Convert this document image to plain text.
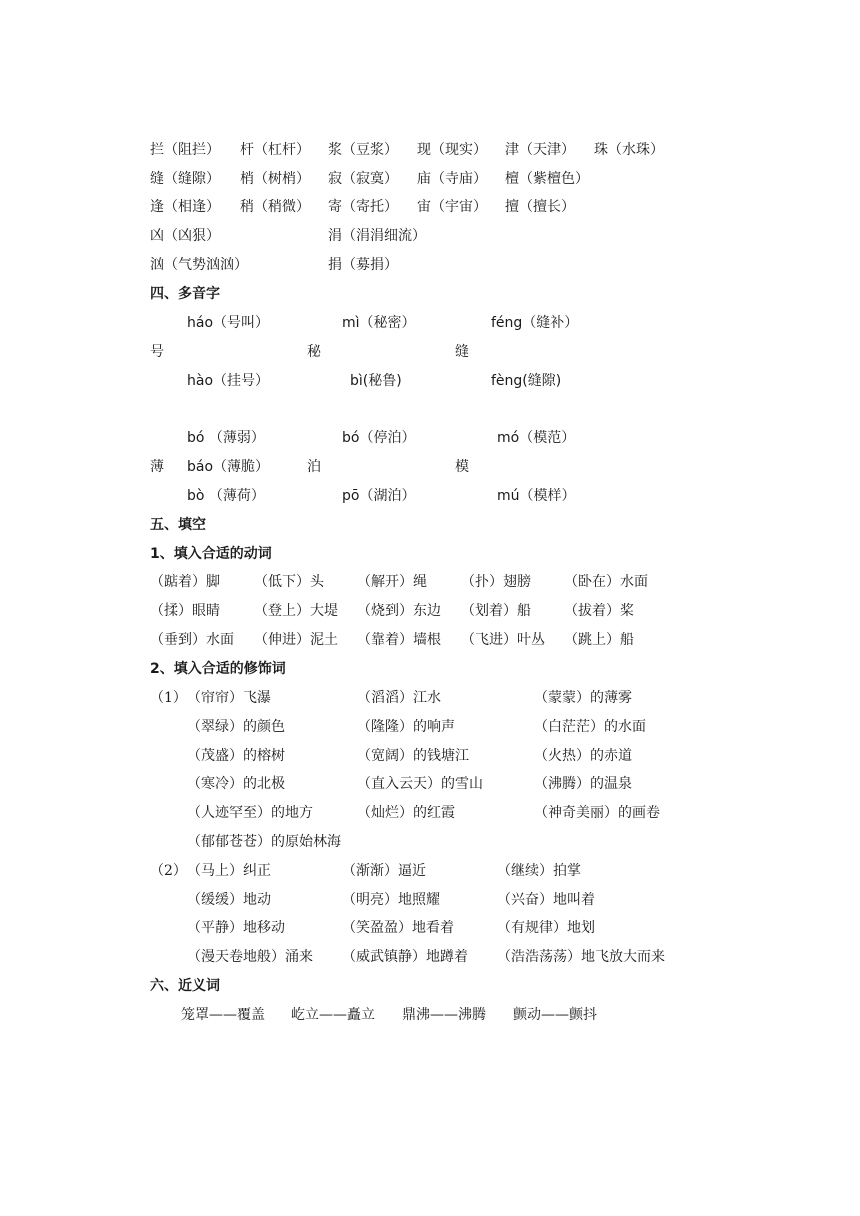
拦（阻拦） 杆（杠杆） 浆（豆浆） 现（现实） 津（天津） 珠（水珠）
缝（缝隙） 梢（树梢） 寂（寂寞） 庙（寺庙） 檀（紫檀色）
逢（相逢） 稍（稍微） 寄（寄托） 宙（宇宙） 擅（擅长）
凶（凶狠）	涓（涓涓细流）
汹（气势汹汹）	捐（募捐）
四、多音字
háo（号叫）	mì（秘密）	féng（缝补）
号	秘	缝
hào（挂号）	bì(秘鲁)	fèng(缝隙)
bó （薄弱）	bó（停泊）	mó（模范）
薄 báo（薄脆）	泊	模
bò （薄荷）	pō（湖泊）	mú（模样）
五、填空
1、填入合适的动词
（踮着）脚 （低下）头 （解开）绳 （扑）翅膀 （卧在）水面
（揉）眼睛 （登上）大堤 （烧到）东边 （划着）船 （拔着）桨
（垂到）水面 （伸进）泥土 （靠着）墙根 （飞进）叶丛 （跳上）船
2、填入合适的修饰词
（1） （帘帘）飞瀑	（滔滔）江水	（蒙蒙）的薄雾
（翠绿）的颜色	（隆隆）的响声	（白茫茫）的水面
（茂盛）的榕树	（宽阔）的钱塘江	（火热）的赤道
（寒冷）的北极	（直入云天）的雪山	（沸腾）的温泉
（人迹罕至）的地方	（灿烂）的红霞	（神奇美丽）的画卷
（郁郁苍苍）的原始林海
（2） （马上）纠正	（渐渐）逼近	（继续）拍掌
（缓缓）地动	（明亮）地照耀	（兴奋）地叫着
（平静）地移动	（笑盈盈）地看着	（有规律）地划
（漫天卷地般）涌来 （威武镇静）地蹲着 （浩浩荡荡）地飞放大而来
六、近义词
笼罩——覆盖 屹立——矗立 鼎沸——沸腾 颤动——颤抖
